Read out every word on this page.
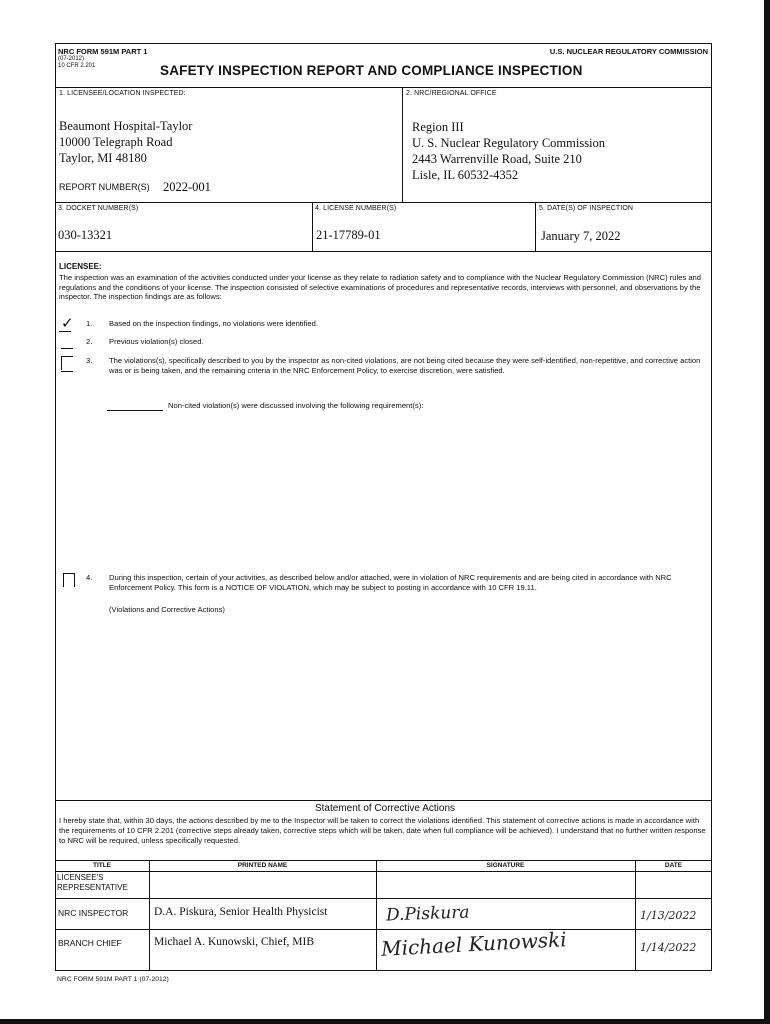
NRC FORM 591M PART 1
(07-2012)
10 CFR 2.201
U.S. NUCLEAR REGULATORY COMMISSION
SAFETY INSPECTION REPORT AND COMPLIANCE INSPECTION
1. LICENSEE/LOCATION INSPECTED:
Beaumont Hospital-Taylor
10000 Telegraph Road
Taylor, MI 48180
REPORT NUMBER(S) 2022-001
2. NRC/REGIONAL OFFICE
Region III
U. S. Nuclear Regulatory Commission
2443 Warrenville Road, Suite 210
Lisle, IL 60532-4352
3. DOCKET NUMBER(S)
030-13321
4. LICENSE NUMBER(S)
21-17789-01
5. DATE(S) OF INSPECTION
January 7, 2022
LICENSEE:
The inspection was an examination of the activities conducted under your license as they relate to radiation safety and to compliance with the Nuclear Regulatory Commission (NRC) rules and regulations and the conditions of your license. The inspection consisted of selective examinations of procedures and representative records, interviews with personnel, and observations by the inspector. The inspection findings are as follows:
✓ 1. Based on the inspection findings, no violations were identified.
2. Previous violation(s) closed.
3. The violations(s), specifically described to you by the inspector as non-cited violations, are not being cited because they were self-identified, non-repetitive, and corrective action was or is being taken, and the remaining criteria in the NRC Enforcement Policy, to exercise discretion, were satisfied.
Non-cited violation(s) were discussed involving the following requirement(s):
4. During this inspection, certain of your activities, as described below and/or attached, were in violation of NRC requirements and are being cited in accordance with NRC Enforcement Policy. This form is a NOTICE OF VIOLATION, which may be subject to posting in accordance with 10 CFR 19.11.
(Violations and Corrective Actions)
Statement of Corrective Actions
I hereby state that, within 30 days, the actions described by me to the Inspector will be taken to correct the violations identified. This statement of corrective actions is made in accordance with the requirements of 10 CFR 2.201 (corrective steps already taken, corrective steps which will be taken, date when full compliance will be achieved). I understand that no further written response to NRC will be required, unless specifically requested.
TITLE	PRINTED NAME	SIGNATURE	DATE
LICENSEE'S REPRESENTATIVE
NRC INSPECTOR D.A. Piskura, Senior Health Physicist	D.Piskura	1/13/2022
BRANCH CHIEF	Michael A. Kunowski, Chief, MIB	Michael Kunowski	1/14/2022
NRC FORM 591M PART 1 (07-2012)
